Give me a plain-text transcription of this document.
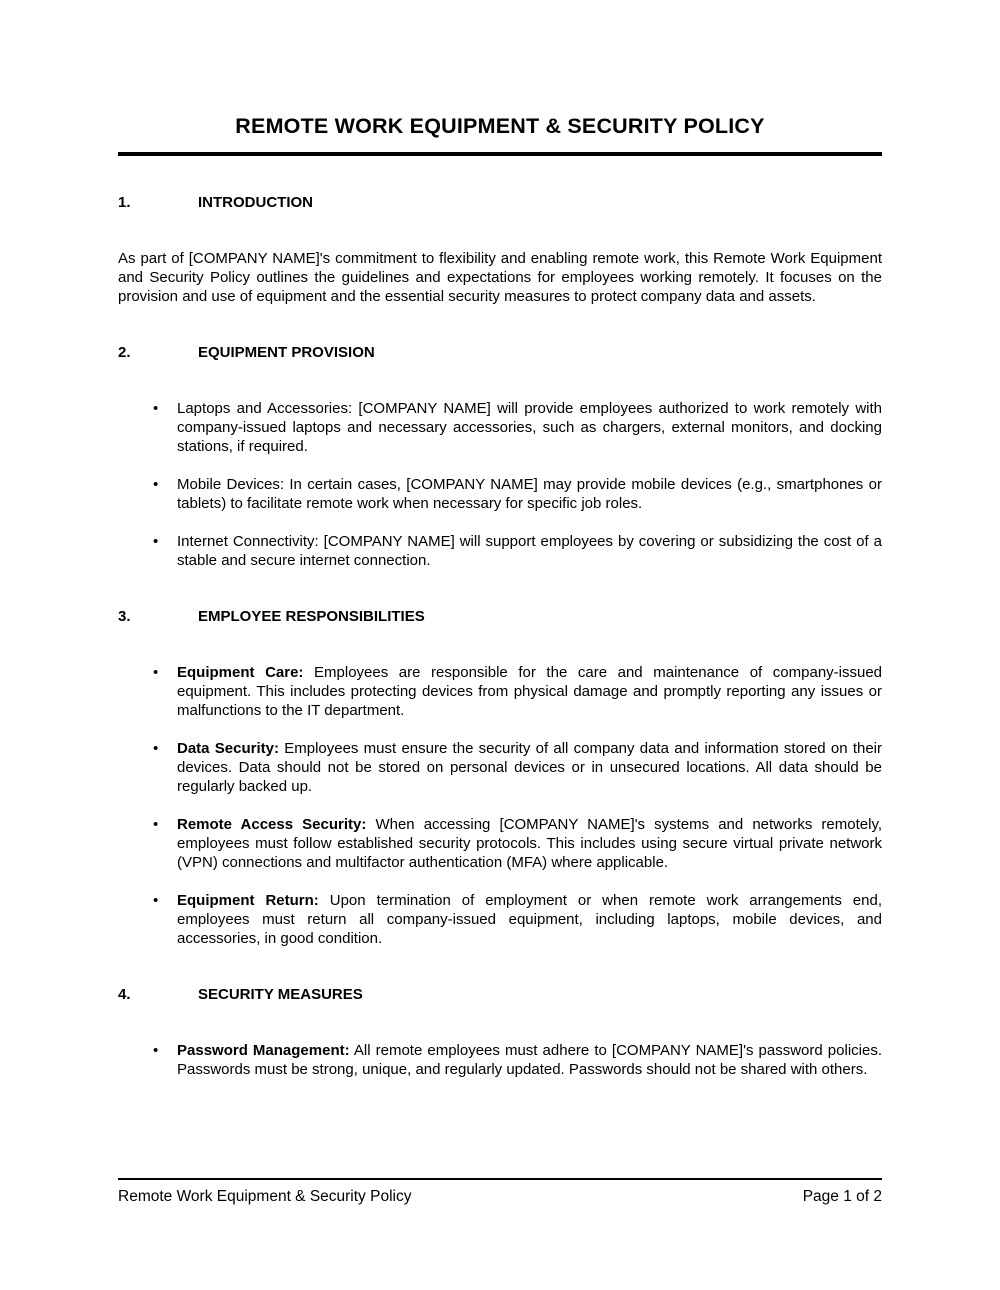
REMOTE WORK EQUIPMENT & SECURITY POLICY
1.	INTRODUCTION

As part of [COMPANY NAME]'s commitment to flexibility and enabling remote work, this Remote Work Equipment and Security Policy outlines the guidelines and expectations for employees working remotely. It focuses on the provision and use of equipment and the essential security measures to protect company data and assets.

2.	EQUIPMENT PROVISION
•
Laptops and Accessories: [COMPANY NAME] will provide employees authorized to work remotely with company-issued laptops and necessary accessories, such as chargers, external monitors, and docking stations, if required.
•
Mobile Devices: In certain cases, [COMPANY NAME] may provide mobile devices (e.g., smartphones or tablets) to facilitate remote work when necessary for specific job roles.
•
Internet Connectivity: [COMPANY NAME] will support employees by covering or subsidizing the cost of a stable and secure internet connection.
3.	EMPLOYEE RESPONSIBILITIES
•
Equipment Care: Employees are responsible for the care and maintenance of company-issued equipment. This includes protecting devices from physical damage and promptly reporting any issues or malfunctions to the IT department.
•
Data Security: Employees must ensure the security of all company data and information stored on their devices. Data should not be stored on personal devices or in unsecured locations. All data should be regularly backed up.
•
Remote Access Security: When accessing [COMPANY NAME]'s systems and networks remotely, employees must follow established security protocols. This includes using secure virtual private network (VPN) connections and multifactor authentication (MFA) where applicable.
•
Equipment Return: Upon termination of employment or when remote work arrangements end, employees must return all company-issued equipment, including laptops, mobile devices, and accessories, in good condition.
4.	SECURITY MEASURES
•
Password Management: All remote employees must adhere to [COMPANY NAME]'s password policies. Passwords must be strong, unique, and regularly updated. Passwords should not be shared with others.
Remote Work Equipment & Security Policy	Page 1 of 2
